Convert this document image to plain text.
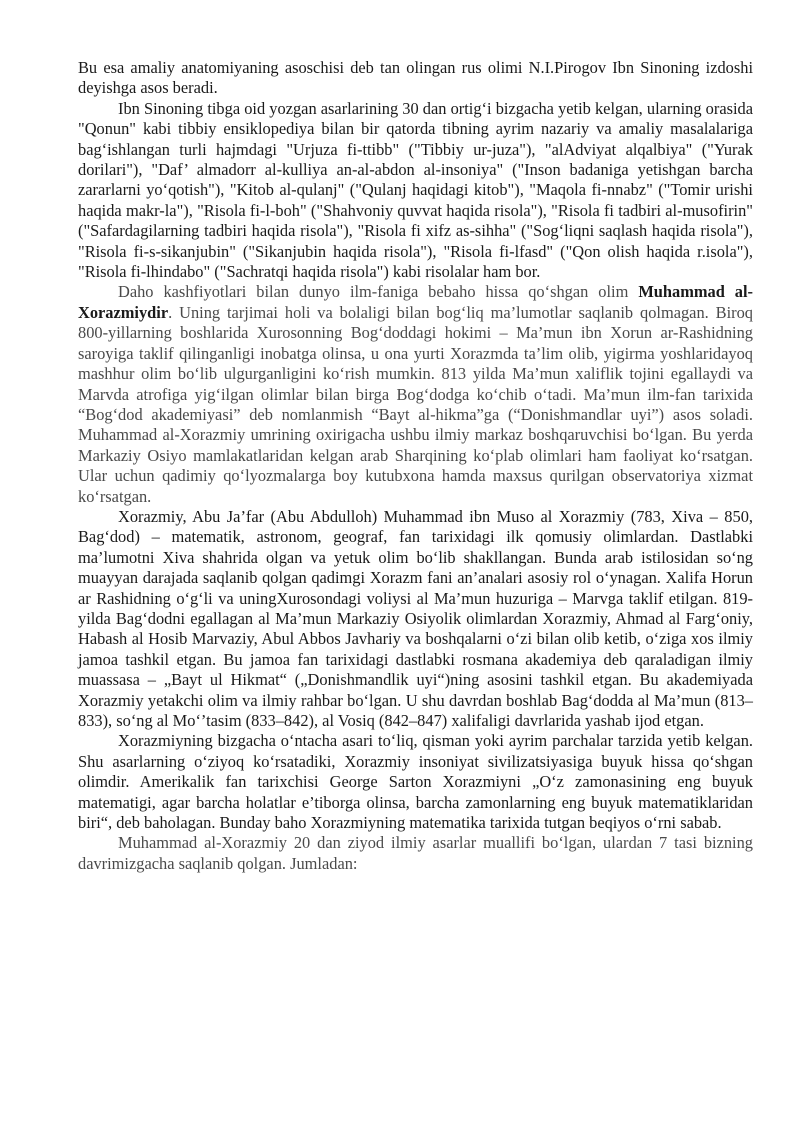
Bu esa amaliy anatomiyaning asoschisi deb tan olingan rus olimi N.I.Pirogov Ibn Sinoning izdoshi deyishga asos beradi.

Ibn Sinoning tibga oid yozgan asarlarining 30 dan ortig‘i bizgacha yetib kelgan, ularning orasida "Qonun" kabi tibbiy ensiklopediya bilan bir qatorda tibning ayrim nazariy va amaliy masalalariga bag‘ishlangan turli hajmdagi "Urjuza fi-ttibb" ("Tibbiy ur-juza"), "alAdviyat alqalbiya" ("Yurak dorilari"), "Daf’ almadorr al-kulliya an-al-abdon al-insoniya" ("Inson badaniga yetishgan barcha zararlarni yo‘qotish"), "Kitob al-qulanj" ("Qulanj haqidagi kitob"), "Maqola fi-nnabz" ("Tomir urishi haqida makr-la"), "Risola fi-l-boh" ("Shahvoniy quvvat haqida risola"), "Risola fi tadbiri al-musofirin" ("Safardagilarning tadbiri haqida risola"), "Risola fi xifz as-sihha" ("Sog‘liqni saqlash haqida risola"), "Risola fi-s-sikanjubin" ("Sikanjubin haqida risola"), "Risola fi-lfasd" ("Qon olish haqida r.isola"), "Risola fi-lhindabo" ("Sachratqi haqida risola") kabi risolalar ham bor.

Daho kashfiyotlari bilan dunyo ilm-faniga bebaho hissa qo‘shgan olim Muhammad al-Xorazmiydir. Uning tarjimai holi va bolaligi bilan bog‘liq ma’lumotlar saqlanib qolmagan. Biroq 800-yillarning boshlarida Xurosonning Bog‘doddagi hokimi – Ma’mun ibn Xorun ar-Rashidning saroyiga taklif qilinganligi inobatga olinsa, u ona yurti Xorazmda ta’lim olib, yigirma yoshlaridayoq mashhur olim bo‘lib ulgurganligini ko‘rish mumkin. 813 yilda Ma’mun xaliflik tojini egallaydi va Marvda atrofiga yig‘ilgan olimlar bilan birga Bog‘dodga ko‘chib o‘tadi. Ma’mun ilm-fan tarixida “Bog‘dod akademiyasi” deb nomlanmish “Bayt al-hikma”ga (“Donishmandlar uyi”) asos soladi. Muhammad al-Xorazmiy umrining oxirigacha ushbu ilmiy markaz boshqaruvchisi bo‘lgan. Bu yerda Markaziy Osiyo mamlakatlaridan kelgan arab Sharqining ko‘plab olimlari ham faoliyat ko‘rsatgan. Ular uchun qadimiy qo‘lyozmalarga boy kutubxona hamda maxsus qurilgan observatoriya xizmat ko‘rsatgan.

Xorazmiy, Abu Ja’far (Abu Abdulloh) Muhammad ibn Muso al Xorazmiy (783, Xiva – 850, Bag‘dod) – matematik, astronom, geograf, fan tarixidagi ilk qomusiy olimlardan. Dastlabki ma’lumotni Xiva shahrida olgan va yetuk olim bo‘lib shakllangan. Bunda arab istilosidan so‘ng muayyan darajada saqlanib qolgan qadimgi Xorazm fani an’analari asosiy rol o‘ynagan. Xalifa Horun ar Rashidning o‘g‘li va uningXurosondagi voliysi al Ma’mun huzuriga – Marvga taklif etilgan. 819-yilda Bag‘dodni egallagan al Ma’mun Markaziy Osiyolik olimlardan Xorazmiy, Ahmad al Farg‘oniy, Habash al Hosib Marvaziy, Abul Abbos Javhariy va boshqalarni o‘zi bilan olib ketib, o‘ziga xos ilmiy jamoa tashkil etgan. Bu jamoa fan tarixidagi dastlabki rosmana akademiya deb qaraladigan ilmiy muassasa – „Bayt ul Hikmat“ („Donishmandlik uyi“)ning asosini tashkil etgan. Bu akademiyada Xorazmiy yetakchi olim va ilmiy rahbar bo‘lgan. U shu davrdan boshlab Bag‘dodda al Ma’mun (813–833), so‘ng al Mo‘’tasim (833–842), al Vosiq (842–847) xalifaligi davrlarida yashab ijod etgan.

Xorazmiyning bizgacha o‘ntacha asari to‘liq, qisman yoki ayrim parchalar tarzida yetib kelgan. Shu asarlarning o‘ziyoq ko‘rsatadiki, Xorazmiy insoniyat sivilizatsiyasiga buyuk hissa qo‘shgan olimdir. Amerikalik fan tarixchisi George Sarton Xorazmiyni „O‘z zamonasining eng buyuk matematigi, agar barcha holatlar e’tiborga olinsa, barcha zamonlarning eng buyuk matematiklaridan biri“, deb baholagan. Bunday baho Xorazmiyning matematika tarixida tutgan beqiyos o‘rni sabab.

Muhammad al-Xorazmiy 20 dan ziyod ilmiy asarlar muallifi bo‘lgan, ulardan 7 tasi bizning davrimizgacha saqlanib qolgan. Jumladan:
